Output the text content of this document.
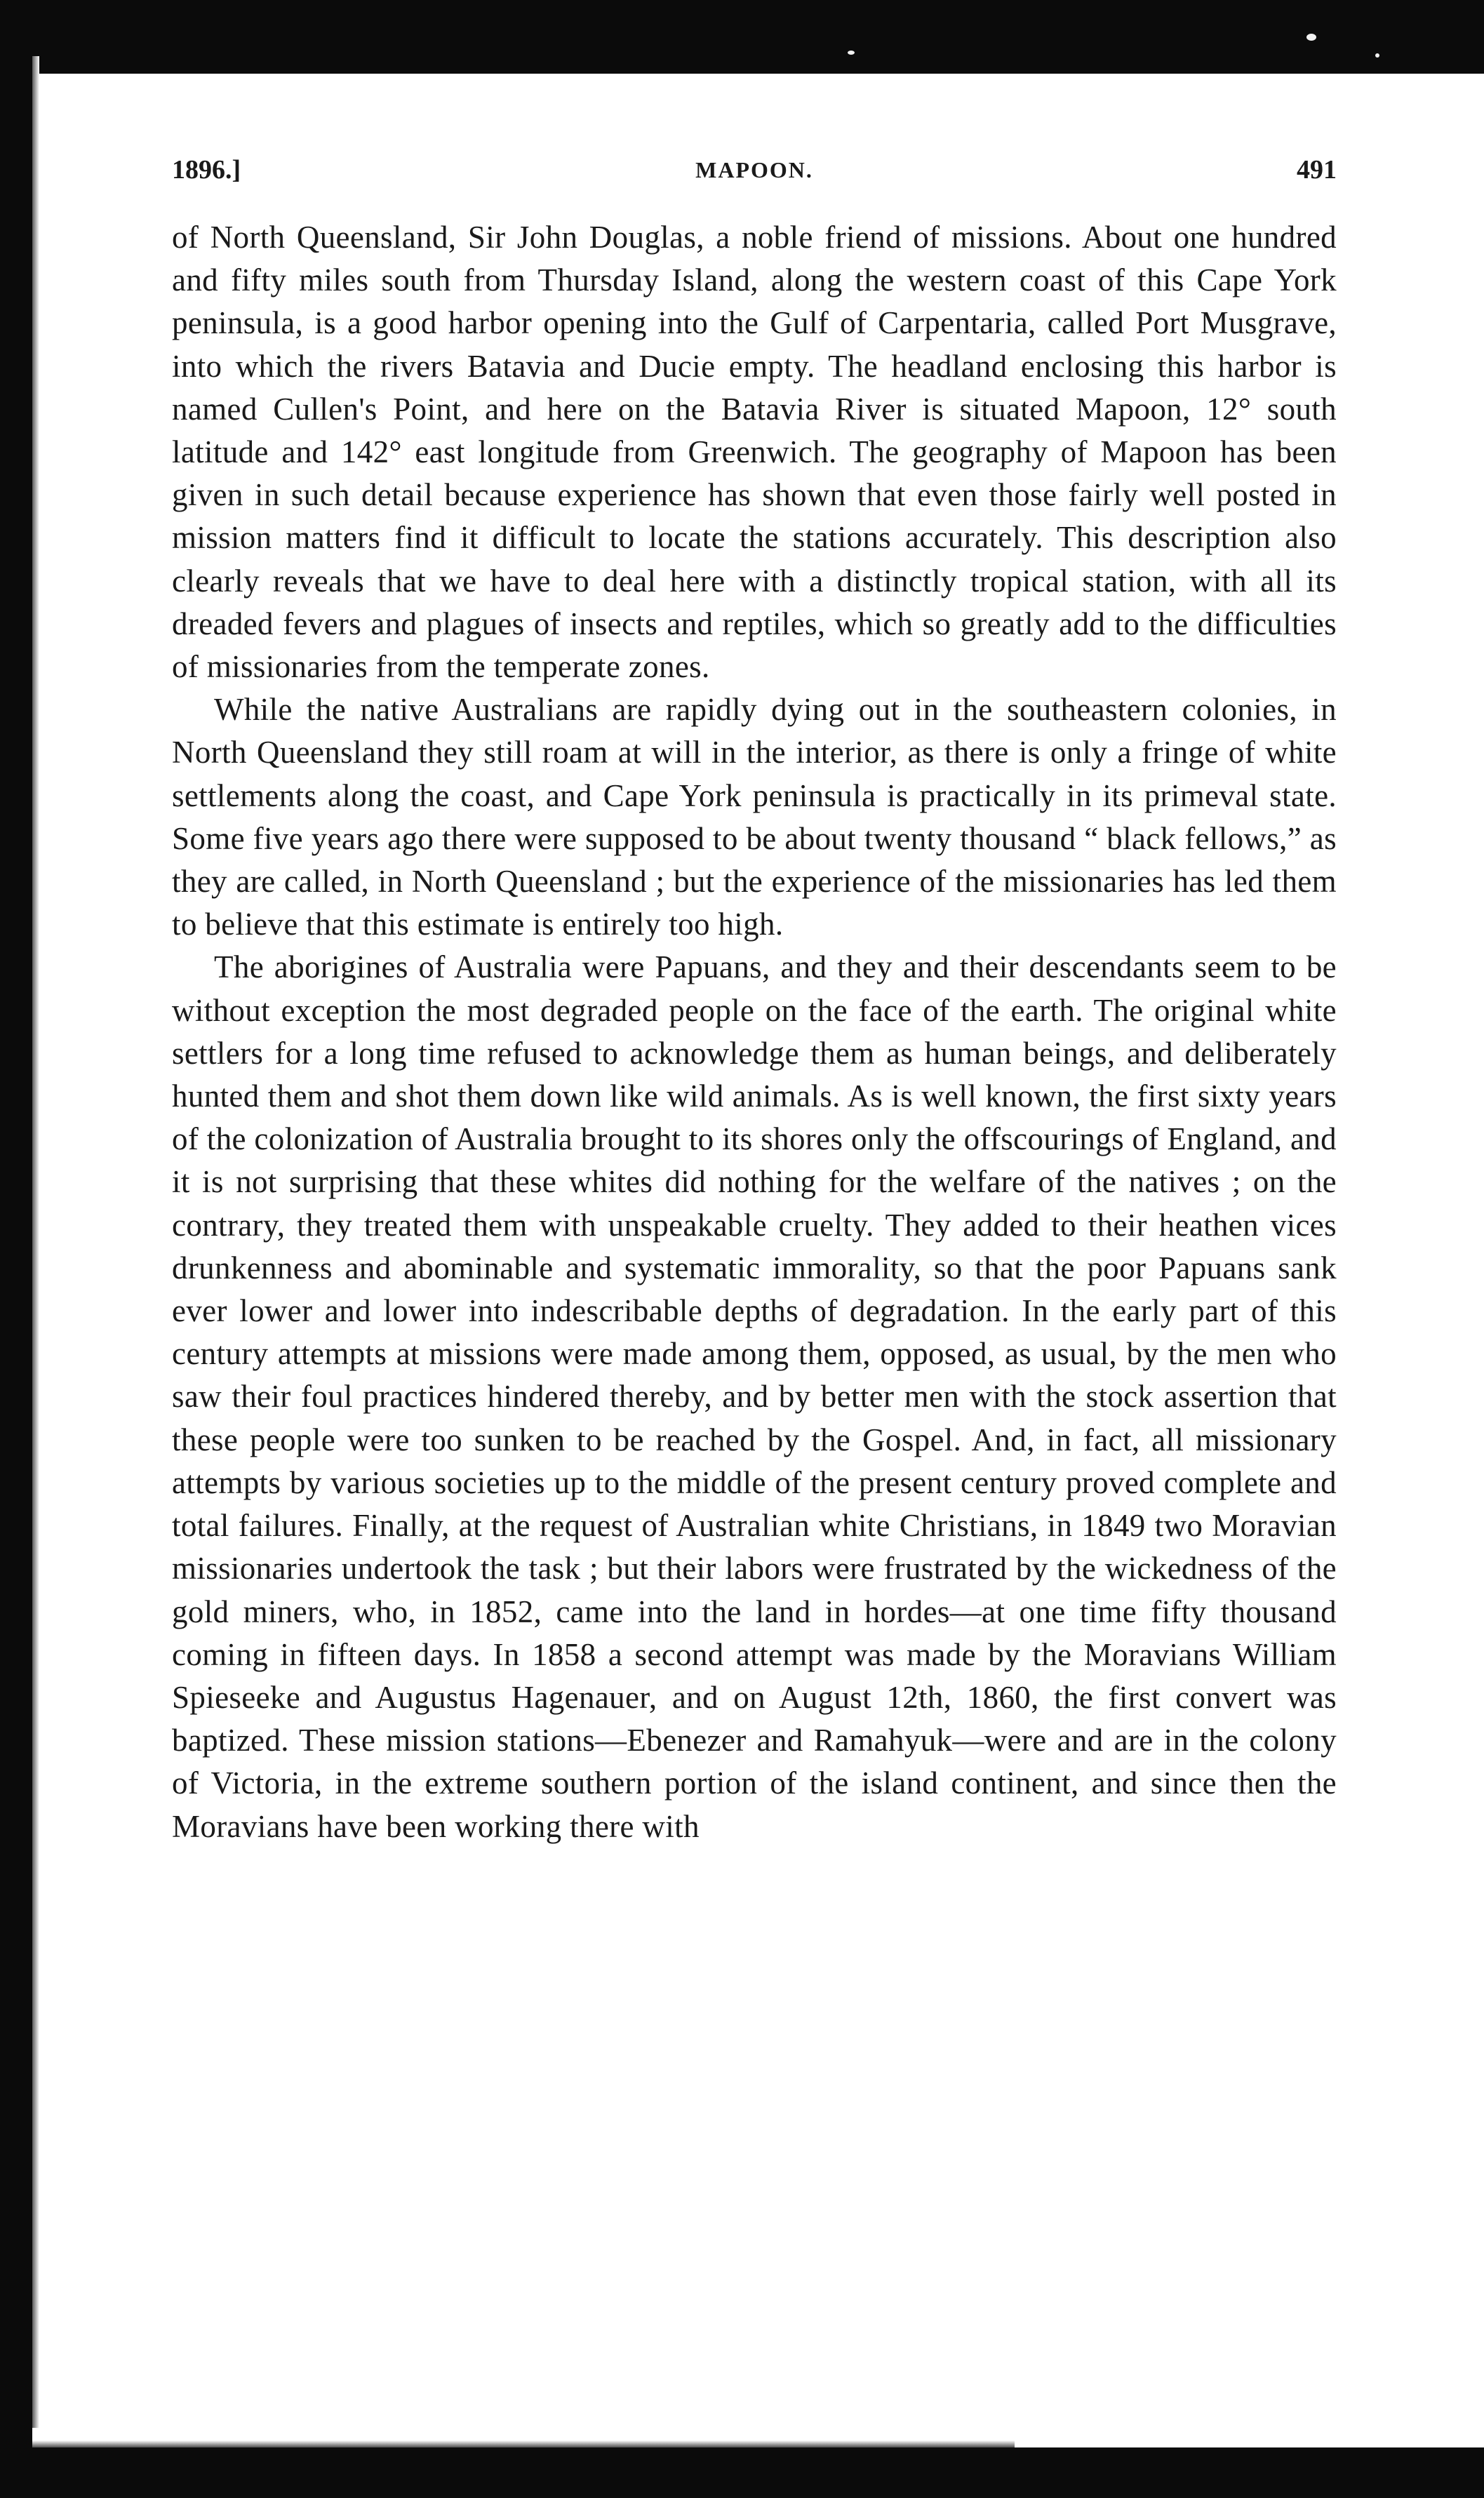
1896.]	MAPOON.	491

of North Queensland, Sir John Douglas, a noble friend of missions. About one hundred and fifty miles south from Thursday Island, along the western coast of this Cape York peninsula, is a good harbor opening into the Gulf of Carpentaria, called Port Musgrave, into which the rivers Batavia and Ducie empty. The headland enclosing this harbor is named Cullen's Point, and here on the Batavia River is situated Mapoon, 12° south latitude and 142° east longitude from Greenwich. The geography of Mapoon has been given in such detail because experience has shown that even those fairly well posted in mission matters find it difficult to locate the stations accurately. This description also clearly reveals that we have to deal here with a distinctly tropical station, with all its dreaded fevers and plagues of insects and reptiles, which so greatly add to the difficulties of missionaries from the temperate zones.

While the native Australians are rapidly dying out in the southeastern colonies, in North Queensland they still roam at will in the interior, as there is only a fringe of white settlements along the coast, and Cape York peninsula is practically in its primeval state. Some five years ago there were supposed to be about twenty thousand “ black fellows,” as they are called, in North Queensland ; but the experience of the missionaries has led them to believe that this estimate is entirely too high.

The aborigines of Australia were Papuans, and they and their descendants seem to be without exception the most degraded people on the face of the earth. The original white settlers for a long time refused to acknowledge them as human beings, and deliberately hunted them and shot them down like wild animals. As is well known, the first sixty years of the colonization of Australia brought to its shores only the offscourings of England, and it is not surprising that these whites did nothing for the welfare of the natives ; on the contrary, they treated them with unspeakable cruelty. They added to their heathen vices drunkenness and abominable and systematic immorality, so that the poor Papuans sank ever lower and lower into indescribable depths of degradation. In the early part of this century attempts at missions were made among them, opposed, as usual, by the men who saw their foul practices hindered thereby, and by better men with the stock assertion that these people were too sunken to be reached by the Gospel. And, in fact, all missionary attempts by various societies up to the middle of the present century proved complete and total failures. Finally, at the request of Australian white Christians, in 1849 two Moravian missionaries undertook the task ; but their labors were frustrated by the wickedness of the gold miners, who, in 1852, came into the land in hordes—at one time fifty thousand coming in fifteen days. In 1858 a second attempt was made by the Moravians William Spieseeke and Augustus Hagenauer, and on August 12th, 1860, the first convert was baptized. These mission stations—Ebenezer and Ramahyuk—were and are in the colony of Victoria, in the extreme southern portion of the island continent, and since then the Moravians have been working there with
